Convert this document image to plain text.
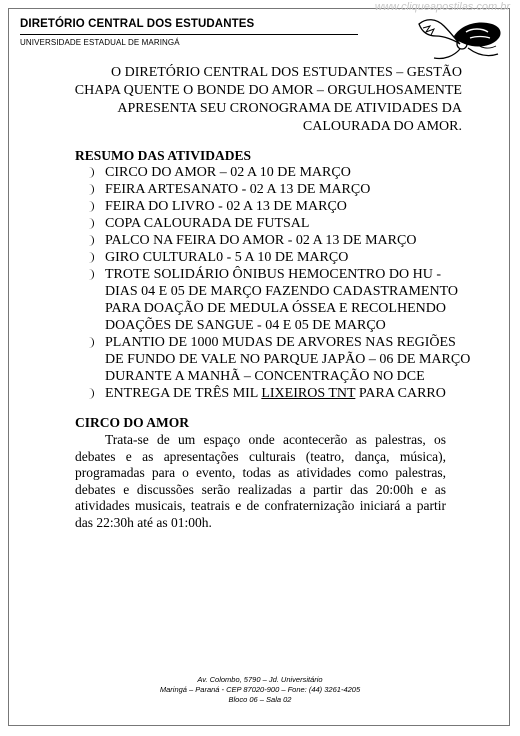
www.cliqueapostilas.com.br
DIRETÓRIO CENTRAL DOS ESTUDANTES
UNIVERSIDADE ESTADUAL DE MARINGÁ
O DIRETÓRIO CENTRAL DOS ESTUDANTES – GESTÃO
CHAPA QUENTE O BONDE DO AMOR – ORGULHOSAMENTE
APRESENTA SEU CRONOGRAMA DE ATIVIDADES DA
CALOURADA DO AMOR.
RESUMO DAS ATIVIDADES
CIRCO DO AMOR – 02 A 10 DE MARÇO
FEIRA ARTESANATO - 02 A 13 DE MARÇO
FEIRA DO LIVRO - 02 A 13 DE MARÇO
COPA CALOURADA DE FUTSAL
PALCO NA FEIRA DO AMOR - 02 A 13 DE MARÇO
GIRO CULTURAL0 - 5 A 10 DE MARÇO
TROTE SOLIDÁRIO ÔNIBUS HEMOCENTRO DO HU -
DIAS 04 E 05 DE MARÇO FAZENDO CADASTRAMENTO
PARA DOAÇÃO DE MEDULA ÓSSEA E RECOLHENDO
DOAÇÕES DE SANGUE - 04 E 05 DE MARÇO
PLANTIO DE 1000 MUDAS DE ARVORES NAS REGIÕES
DE FUNDO DE VALE NO PARQUE JAPÃO – 06 DE MARÇO
DURANTE A MANHÃ – CONCENTRAÇÃO NO DCE
ENTREGA DE TRÊS MIL LIXEIROS TNT PARA CARRO
CIRCO DO AMOR
Trata-se de um espaço onde acontecerão as palestras, os
debates e as apresentações culturais (teatro, dança, música),
programadas para o evento, todas as atividades como palestras,
debates e discussões serão realizadas a partir das 20:00h e as
atividades musicais, teatrais e de confraternização iniciará a partir
das 22:30h até as 01:00h.
Av. Colombo, 5790 – Jd. Universitário
Maringá – Paraná - CEP 87020-900 – Fone: (44) 3261-4205
Bloco 06 – Sala 02
